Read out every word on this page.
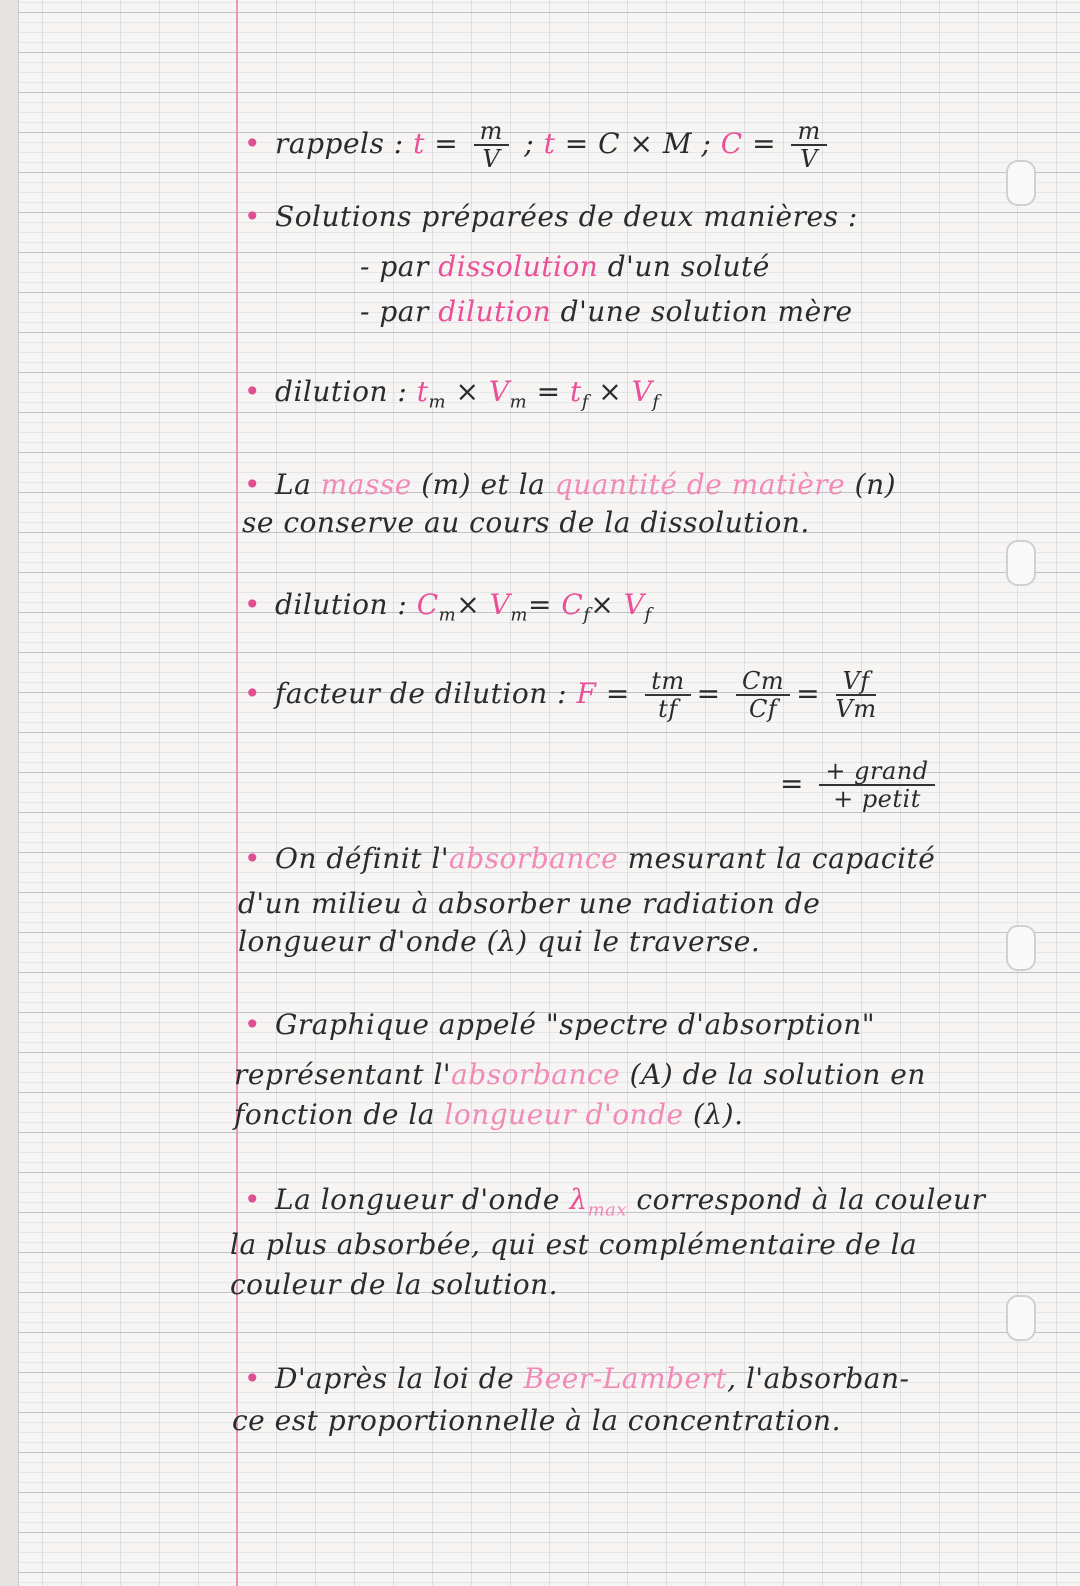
• rappels : $t = \frac{m}{V}$ ; t = C × M ; $C = \frac{m}{V}$
• Solutions préparées de deux manières :
- par dissolution d'un soluté
- par dilution d'une solution mère
• dilution : $t_m \times V_m = t_f \times V_f$
• La masse (m) et la quantité de matière (n)
se conserve au cours de la dissolution.
• dilution : $C_m\times V_m= C_f\times V_f$
• facteur de dilution : $F = \frac{tm}{tf} = \frac{Cm}{Cf} = \frac{Vf}{Vm}$
= $\frac{\text{+ grand}}{\text{+ petit}}$
• On définit l'absorbance mesurant la capacité
d'un milieu à absorber une radiation de
longueur d'onde (λ) qui le traverse.
• Graphique appelé "spectre d'absorption"
représentant l'absorbance (A) de la solution en
fonction de la longueur d'onde (λ).
• La longueur d'onde $\lambda_{max}$ correspond à la couleur
la plus absorbée, qui est complémentaire de la
couleur de la solution.
• D'après la loi de Beer-Lambert, l'absorban-
ce est proportionnelle à la concentration.
